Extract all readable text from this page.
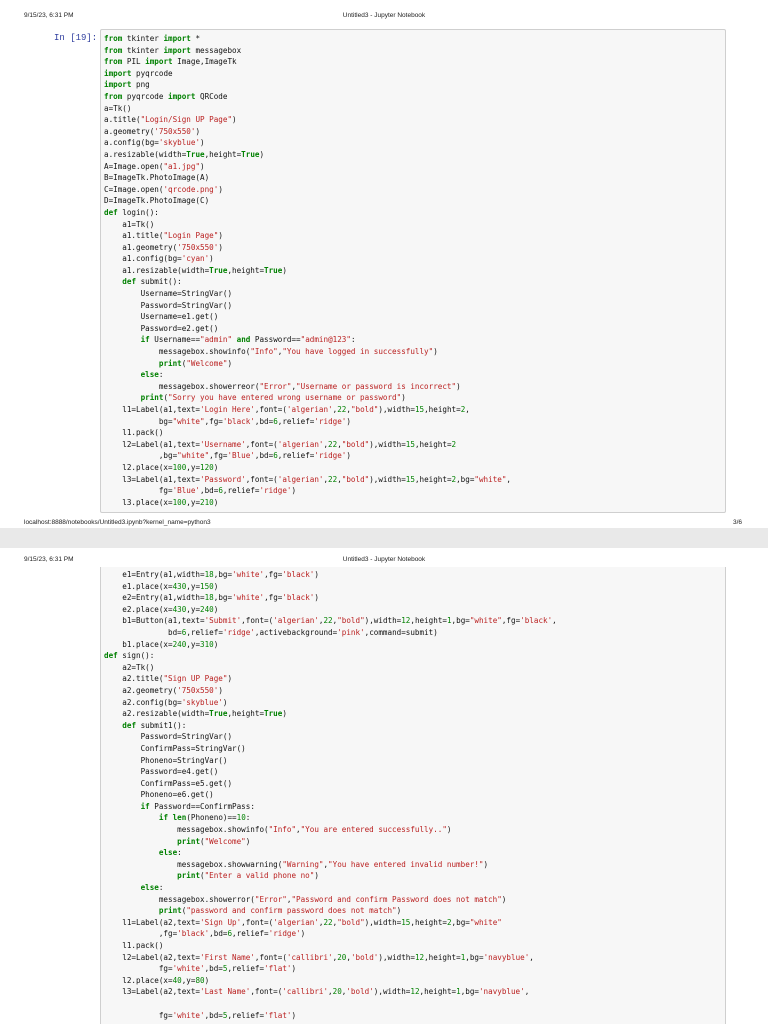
9/15/23, 6:31 PM	Untitled3 - Jupyter Notebook
In [19]: from tkinter import *
from tkinter import messagebox
from PIL import Image,ImageTk
import pyqrcode
import png
from pyqrcode import QRCode
a=Tk()
a.title("Login/Sign UP Page")
a.geometry('750x550')
a.config(bg='skyblue')
a.resizable(width=True,height=True)
A=Image.open("a1.jpg")
B=ImageTk.PhotoImage(A)
C=Image.open('qrcode.png')
D=ImageTk.PhotoImage(C)
def login():
a1=Tk()
a1.title("Login Page")
a1.geometry('750x550')
a1.config(bg='cyan')
a1.resizable(width=True,height=True)
def submit():
Username=StringVar()
Password=StringVar()
Username=e1.get()
Password=e2.get()
if Username=="admin" and Password=="admin@123":
messagebox.showinfo("Info","You have logged in successfully")
print("Welcome")
else:
messagebox.showerreor("Error","Username or password is incorrect")
print("Sorry you have entered wrong username or password")
l1=Label(a1,text='Login Here',font=('algerian',22,"bold"),width=15,height=2,
bg="white",fg='black',bd=6,relief='ridge')
l1.pack()
l2=Label(a1,text='Username',font=('algerian',22,"bold"),width=15,height=2
,bg="white",fg='Blue',bd=6,relief='ridge')
l2.place(x=100,y=120)
l3=Label(a1,text='Password',font=('algerian',22,"bold"),width=15,height=2,bg="white",
fg='Blue',bd=6,relief='ridge')
l3.place(x=100,y=210)
localhost:8888/notebooks/Untitled3.ipynb?kernel_name=python3	3/6
9/15/23, 6:31 PM	Untitled3 - Jupyter Notebook
e1=Entry(a1,width=18,bg='white',fg='black')
e1.place(x=430,y=150)
e2=Entry(a1,width=18,bg='white',fg='black')
e2.place(x=430,y=240)
b1=Button(a1,text='Submit',font=('algerian',22,"bold"),width=12,height=1,bg="white",fg='black',
bd=6,relief='ridge',activebackground='pink',command=submit)
b1.place(x=240,y=310)
def sign():
a2=Tk()
a2.title("Sign UP Page")
a2.geometry('750x550')
a2.config(bg='skyblue')
a2.resizable(width=True,height=True)
def submit1():
Password=StringVar()
ConfirmPass=StringVar()
Phoneno=StringVar()
Password=e4.get()
ConfirmPass=e5.get()
Phoneno=e6.get()
if Password==ConfirmPass:
if len(Phoneno)==10:
messagebox.showinfo("Info","You are entered successfully..")
print("Welcome")
else:
messagebox.showwarning("Warning","You have entered invalid number!")
print("Enter a valid phone no")
else:
messagebox.showerror("Error","Password and confirm Password does not match")
print("password and confirm password does not match")
l1=Label(a2,text='Sign Up',font=('algerian',22,"bold"),width=15,height=2,bg="white"
,fg='black',bd=6,relief='ridge')
l1.pack()
l2=Label(a2,text='First Name',font=('callibri',20,'bold'),width=12,height=1,bg='navyblue',
fg='white',bd=5,relief='flat')
l2.place(x=40,y=80)
l3=Label(a2,text='Last Name',font=('callibri',20,'bold'),width=12,height=1,bg='navyblue',

fg='white',bd=5,relief='flat')
